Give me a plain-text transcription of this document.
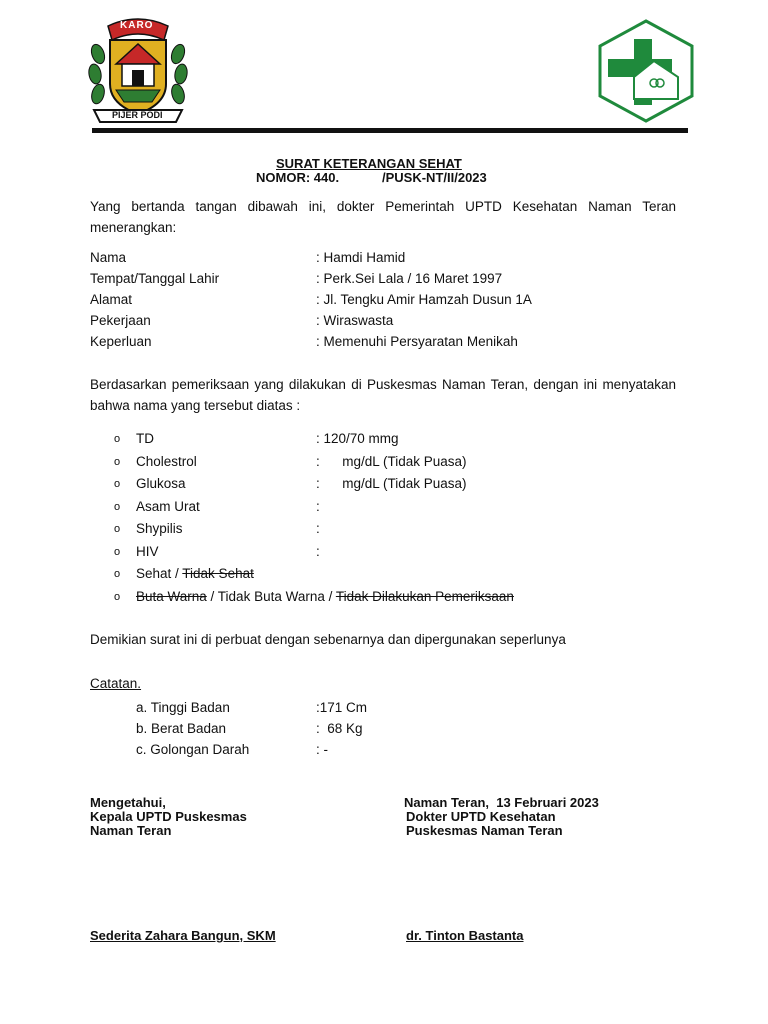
KARO
PIJER PODI
SURAT KETERANGAN SEHAT
NOMOR: 440.	/PUSK-NT/II/2023
Yang bertanda tangan dibawah ini, dokter Pemerintah UPTD Kesehatan Naman Teran menerangkan:
Nama	: Hamdi Hamid
Tempat/Tanggal Lahir	: Perk.Sei Lala / 16 Maret 1997
Alamat	: Jl. Tengku Amir Hamzah Dusun 1A
Pekerjaan	: Wiraswasta
Keperluan	: Memenuhi Persyaratan Menikah
Berdasarkan pemeriksaan yang dilakukan di Puskesmas Naman Teran, dengan ini menyatakan bahwa nama yang tersebut diatas :
o TD	: 120/70 mmg
o Cholestrol	:      mg/dL (Tidak Puasa)
o Glukosa	:      mg/dL (Tidak Puasa)
o Asam Urat	:
o Shypilis	:
o HIV	:
o Sehat / Tidak Sehat
o Buta Warna / Tidak Buta Warna / Tidak Dilakukan Pemeriksaan
Demikian surat ini di perbuat dengan sebenarnya dan dipergunakan seperlunya
Catatan.
a. Tinggi Badan	:171 Cm
b. Berat Badan	:  68 Kg
c. Golongan Darah	: -
Mengetahui,
Kepala UPTD Puskesmas
Naman Teran
Naman Teran,  13 Februari 2023
Dokter UPTD Kesehatan
Puskesmas Naman Teran
Sederita Zahara Bangun, SKM	dr. Tinton Bastanta
